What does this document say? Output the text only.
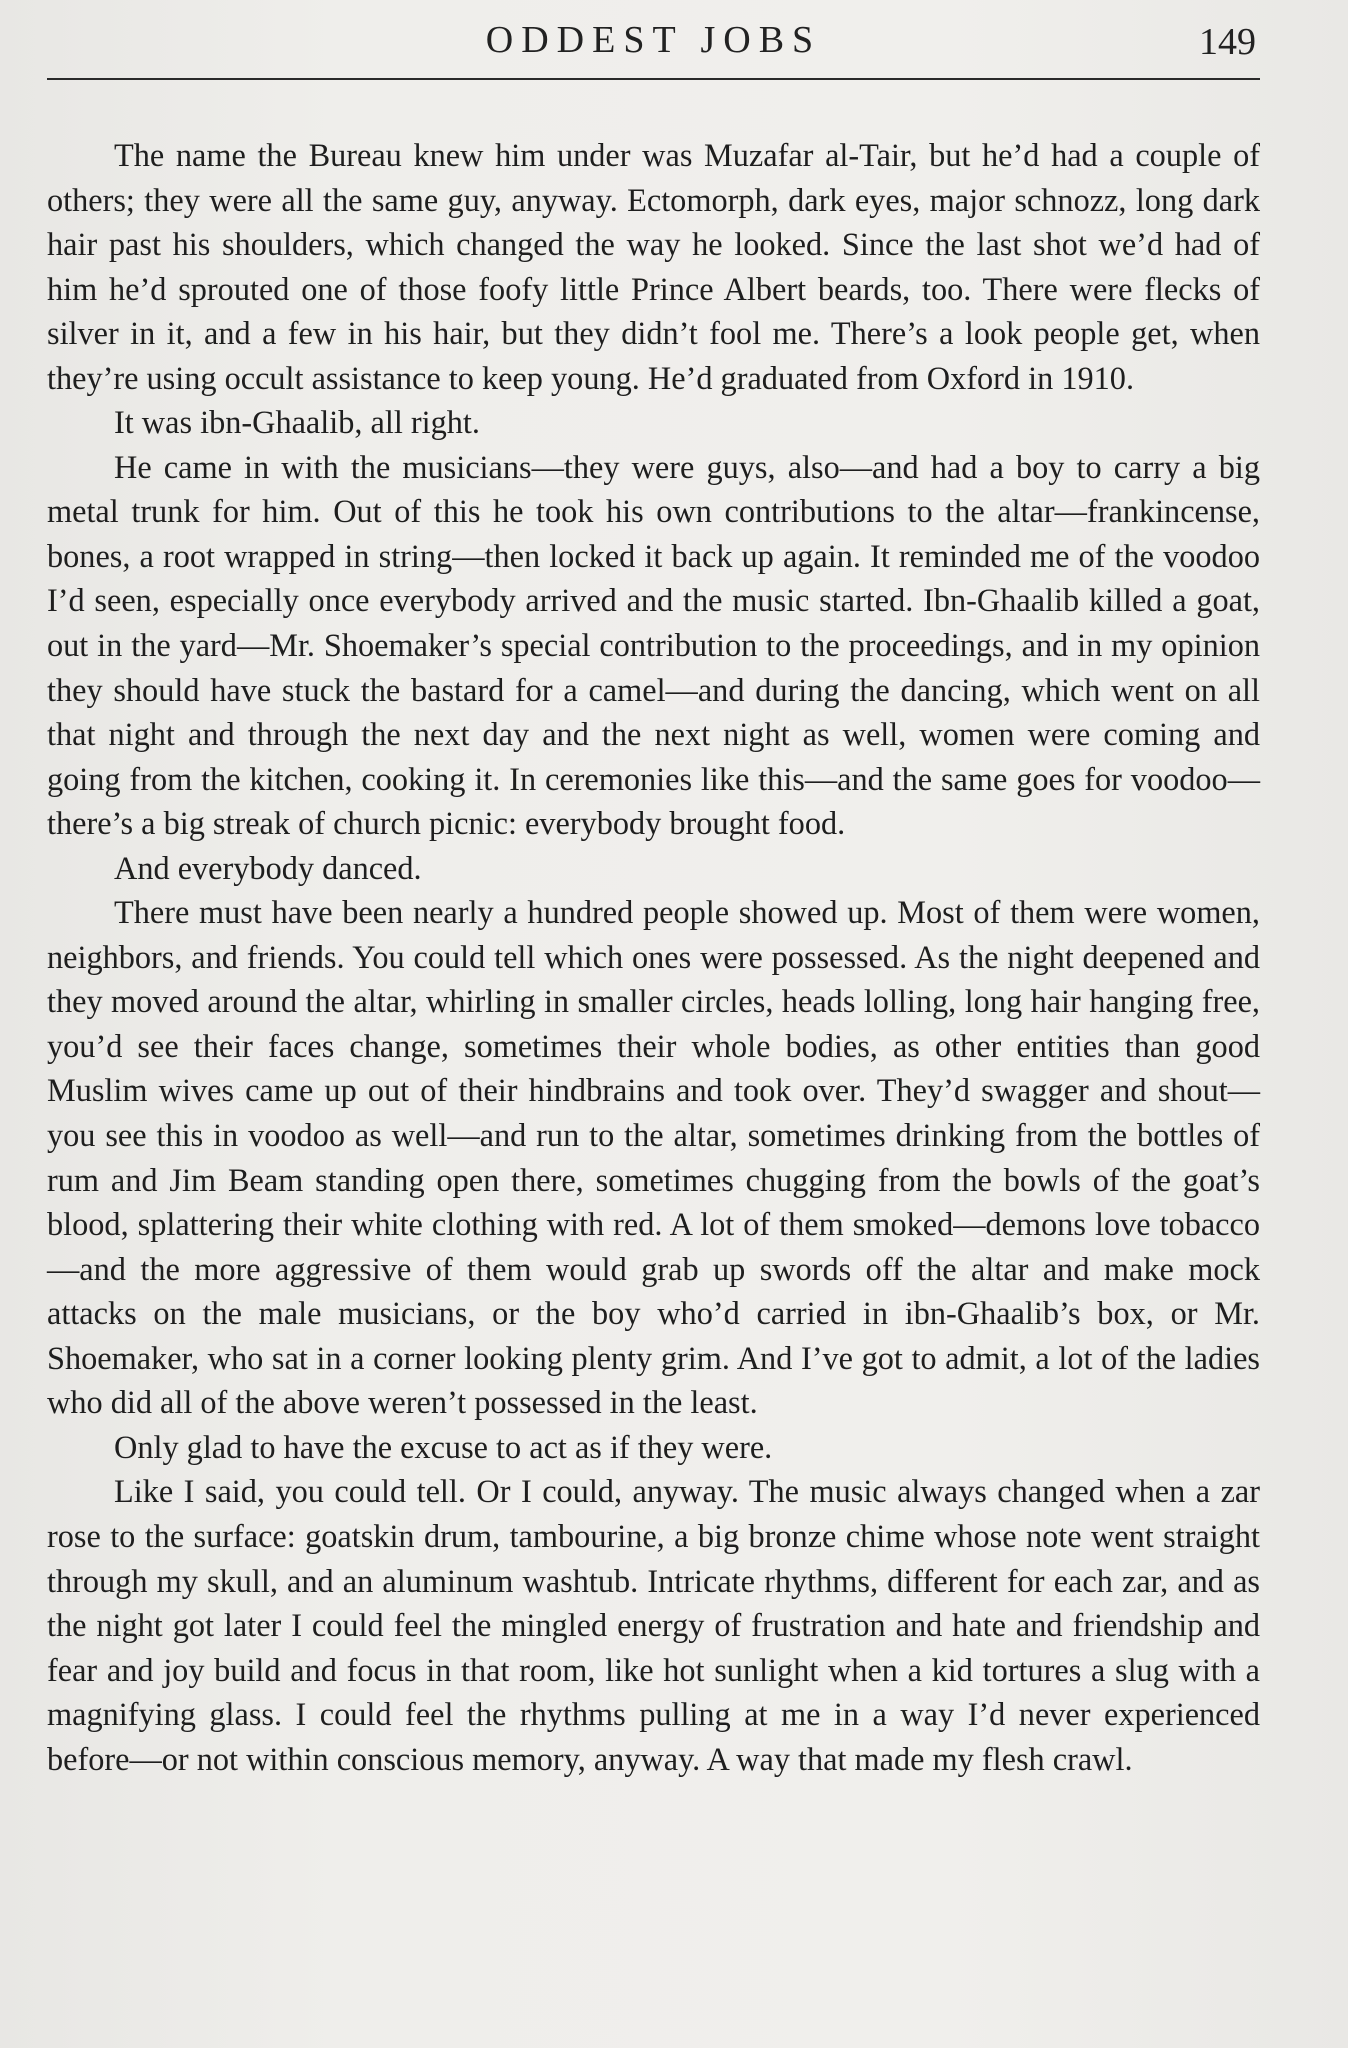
ODDEST JOBS	149

The name the Bureau knew him under was Muzafar al-Tair, but he’d had a couple of others; they were all the same guy, anyway. Ectomorph, dark eyes, major schnozz, long dark hair past his shoulders, which changed the way he looked. Since the last shot we’d had of him he’d sprouted one of those foofy little Prince Albert beards, too. There were flecks of silver in it, and a few in his hair, but they didn’t fool me. There’s a look people get, when they’re using occult assistance to keep young. He’d graduated from Oxford in 1910.

It was ibn-Ghaalib, all right.

He came in with the musicians—they were guys, also—and had a boy to carry a big metal trunk for him. Out of this he took his own contributions to the altar—frankincense, bones, a root wrapped in string—then locked it back up again. It reminded me of the voodoo I’d seen, especially once everybody arrived and the music started. Ibn-Ghaalib killed a goat, out in the yard—Mr. Shoemaker’s special contribution to the proceedings, and in my opinion they should have stuck the bastard for a camel—and during the dancing, which went on all that night and through the next day and the next night as well, women were coming and going from the kitchen, cooking it. In ceremonies like this—and the same goes for voodoo—there’s a big streak of church picnic: everybody brought food.

And everybody danced.

There must have been nearly a hundred people showed up. Most of them were women, neighbors, and friends. You could tell which ones were possessed. As the night deepened and they moved around the altar, whirling in smaller circles, heads lolling, long hair hanging free, you’d see their faces change, sometimes their whole bodies, as other entities than good Muslim wives came up out of their hindbrains and took over. They’d swagger and shout—you see this in voodoo as well—and run to the altar, sometimes drinking from the bottles of rum and Jim Beam standing open there, sometimes chugging from the bowls of the goat’s blood, splattering their white clothing with red. A lot of them smoked—demons love tobacco—and the more aggressive of them would grab up swords off the altar and make mock attacks on the male musicians, or the boy who’d carried in ibn-Ghaalib’s box, or Mr. Shoemaker, who sat in a corner looking plenty grim. And I’ve got to admit, a lot of the ladies who did all of the above weren’t possessed in the least.

Only glad to have the excuse to act as if they were.

Like I said, you could tell. Or I could, anyway. The music always changed when a zar rose to the surface: goatskin drum, tambourine, a big bronze chime whose note went straight through my skull, and an aluminum washtub. Intricate rhythms, different for each zar, and as the night got later I could feel the mingled energy of frustration and hate and friendship and fear and joy build and focus in that room, like hot sunlight when a kid tortures a slug with a magnifying glass. I could feel the rhythms pulling at me in a way I’d never experienced before—or not within conscious memory, anyway. A way that made my flesh crawl.
